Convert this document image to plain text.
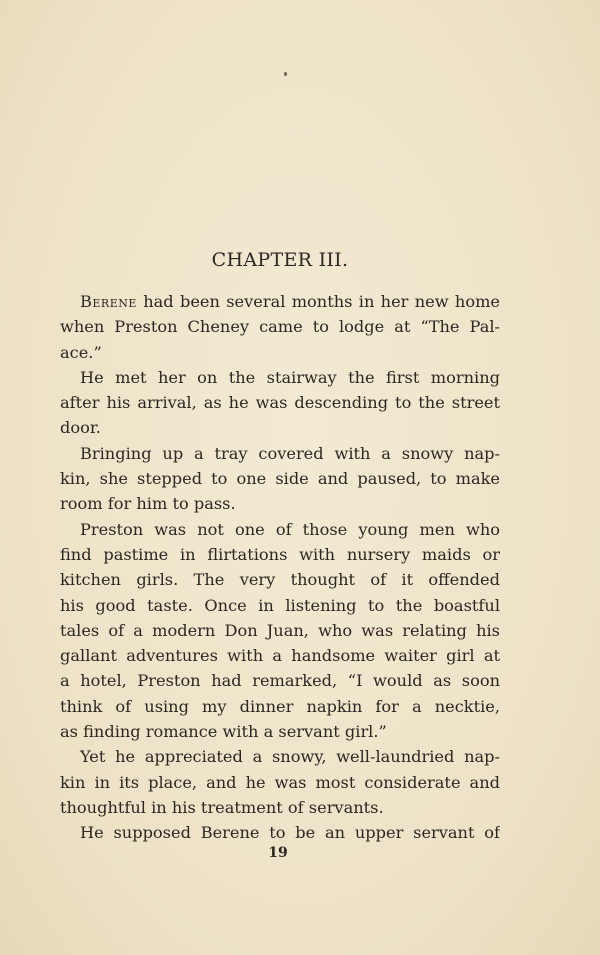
CHAPTER III.
Berene had been several months in her new home
when Preston Cheney came to lodge at “The Pal-
ace.”
He met her on the stairway the first morning
after his arrival, as he was descending to the street
door.
Bringing up a tray covered with a snowy nap-
kin, she stepped to one side and paused, to make
room for him to pass.
Preston was not one of those young men who
find pastime in flirtations with nursery maids or
kitchen girls. The very thought of it offended
his good taste. Once in listening to the boastful
tales of a modern Don Juan, who was relating his
gallant adventures with a handsome waiter girl at
a hotel, Preston had remarked, “I would as soon
think of using my dinner napkin for a necktie,
as finding romance with a servant girl.”
Yet he appreciated a snowy, well-laundried nap-
kin in its place, and he was most considerate and
thoughtful in his treatment of servants.
He supposed Berene to be an upper servant of
19
